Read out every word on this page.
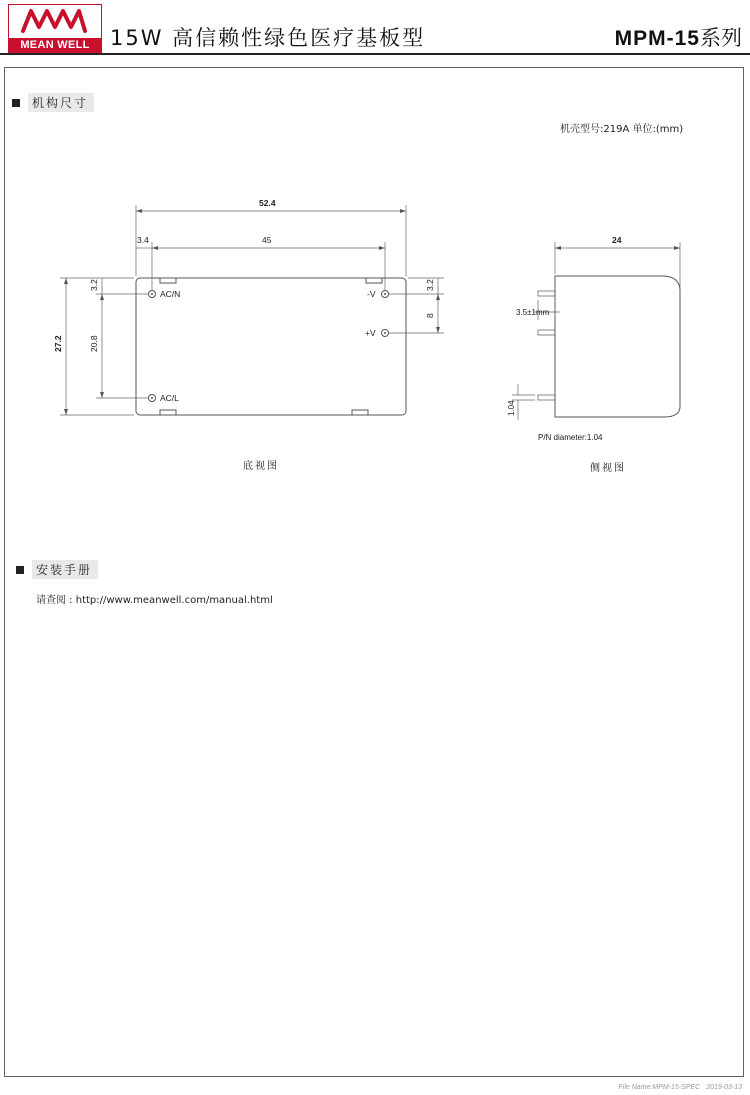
MEAN WELL 15W 高信赖性绿色医疗基板型	MPM-15系列
机构尺寸
机壳型号:219A 单位:(mm)
52.4
45
3.4
27.2	20.8
3.2	3.2
8
AC/N
AC/L
-V
+V
24
3.5±1mm
1.04
P/N diameter:1.04
底视图	侧视图
安装手册
请查阅 : http://www.meanwell.com/manual.html
File Name:MPM-15-SPEC 2019-03-13
